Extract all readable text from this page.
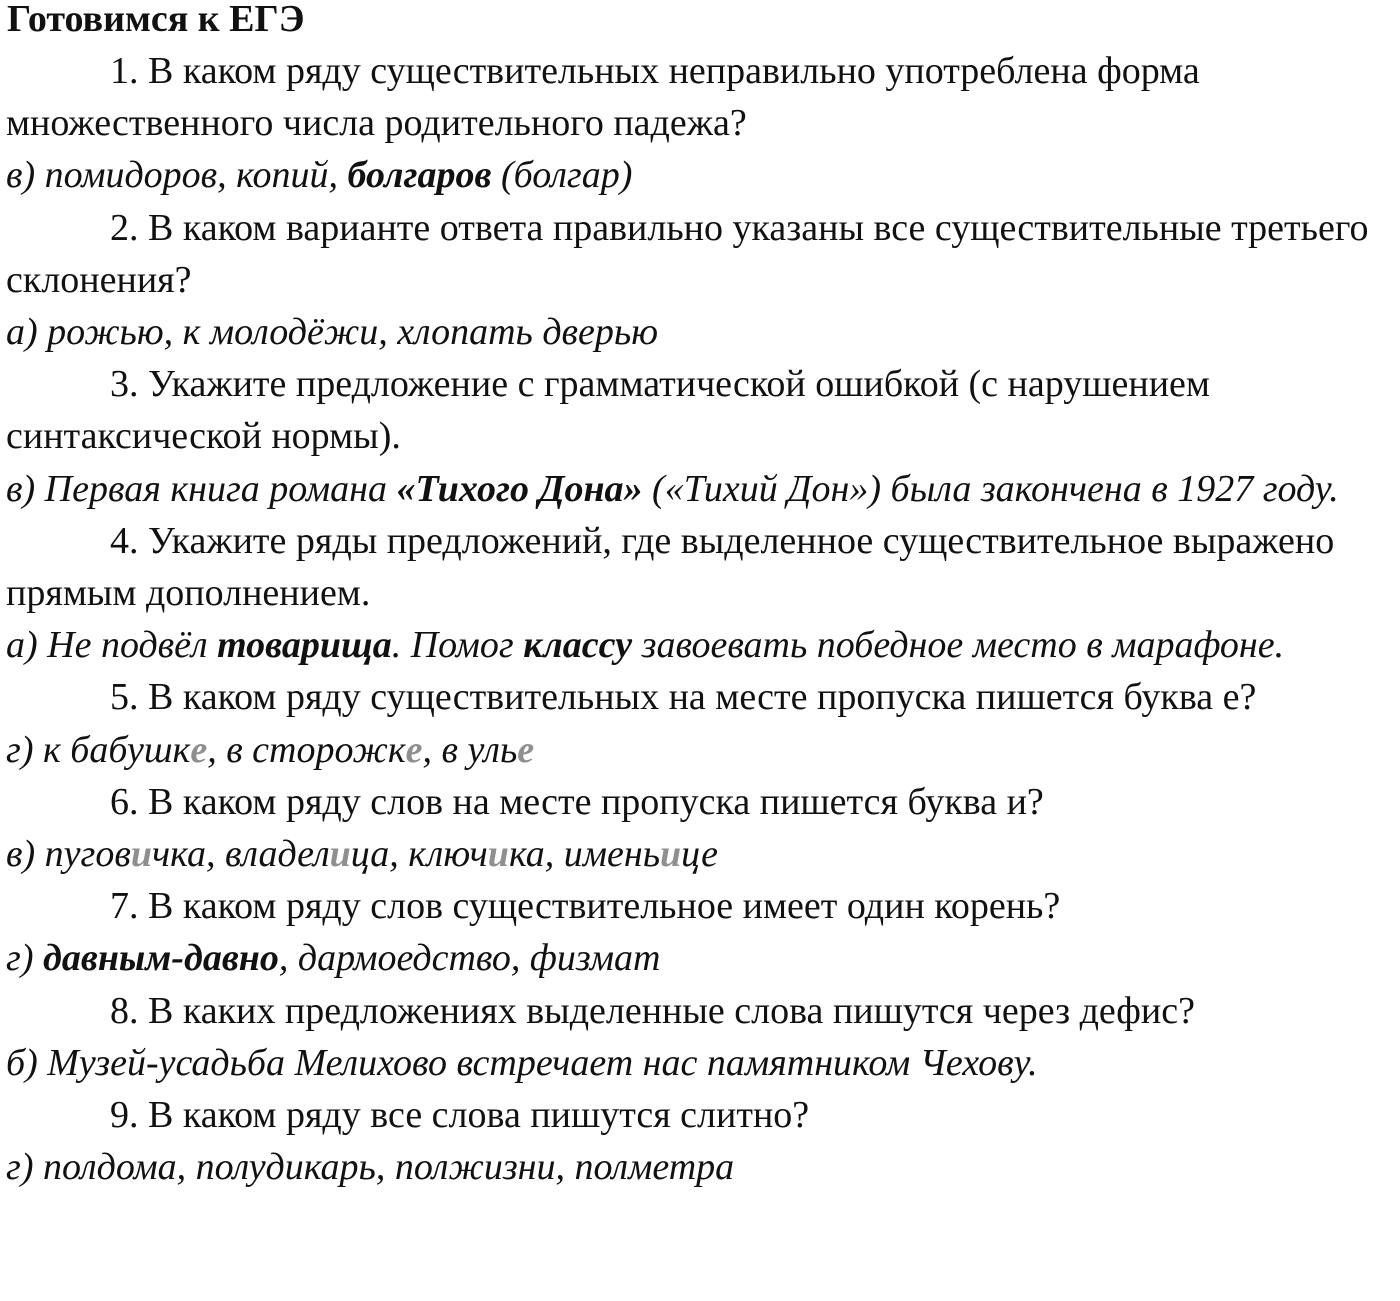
Готовимся к ЕГЭ

1. В каком ряду существительных неправильно употреблена форма множественного числа родительного падежа?

в) помидоров, копий, болгаров (болгар)

2. В каком варианте ответа правильно указаны все существительные третьего склонения?

а) рожью, к молодёжи, хлопать дверью

3. Укажите предложение с грамматической ошибкой (с нарушением синтаксической нормы).

в) Первая книга романа «Тихого Дона» («Тихий Дон») была закончена в 1927 году.

4. Укажите ряды предложений, где выделенное существительное выражено прямым дополнением.

а) Не подвёл товарища. Помог классу завоевать победное место в марафоне.

5. В каком ряду существительных на месте пропуска пишется буква е?

г) к бабушке, в сторожке, в улье

6. В каком ряду слов на месте пропуска пишется буква и?

в) пуговичка, владелица, ключика, именьице

7. В каком ряду слов существительное имеет один корень?

г) давным-давно, дармоедство, физмат

8. В каких предложениях выделенные слова пишутся через дефис?

б) Музей-усадьба Мелихово встречает нас памятником Чехову.

9. В каком ряду все слова пишутся слитно?

г) полдома, полудикарь, полжизни, полметра
